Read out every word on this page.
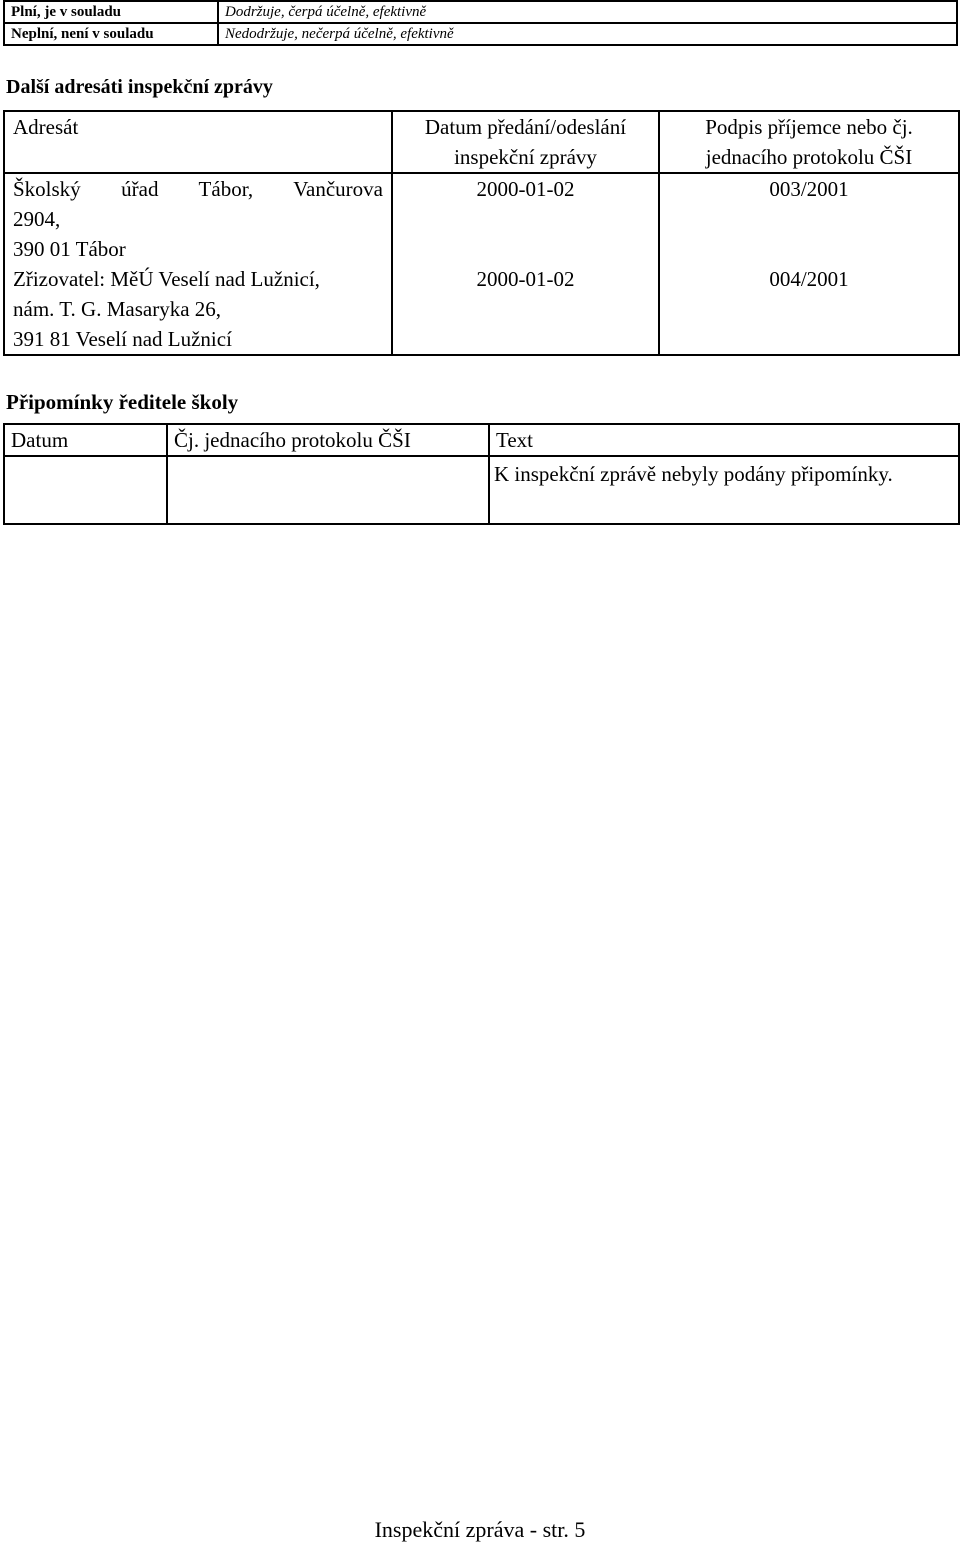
Plní, je v souladu	Dodržuje, čerpá účelně, efektivně
Neplní, není v souladu	Nedodržuje, nečerpá účelně, efektivně
Další adresáti inspekční zprávy
Adresát	Datum předání/odeslání inspekční zprávy	Podpis příjemce nebo čj. jednacího protokolu ČŠI

Školský úřad Tábor, Vančurova
2904,
390 01 Tábor	2000-01-02	003/2001

Zřizovatel: MěÚ Veselí nad Lužnicí,
nám. T. G. Masaryka 26,
391 81 Veselí nad Lužnicí	2000-01-02	004/2001
Připomínky ředitele školy
Datum	Čj. jednacího protokolu ČŠI	Text
		K inspekční zprávě nebyly podány připomínky.
Inspekční zpráva - str. 5
